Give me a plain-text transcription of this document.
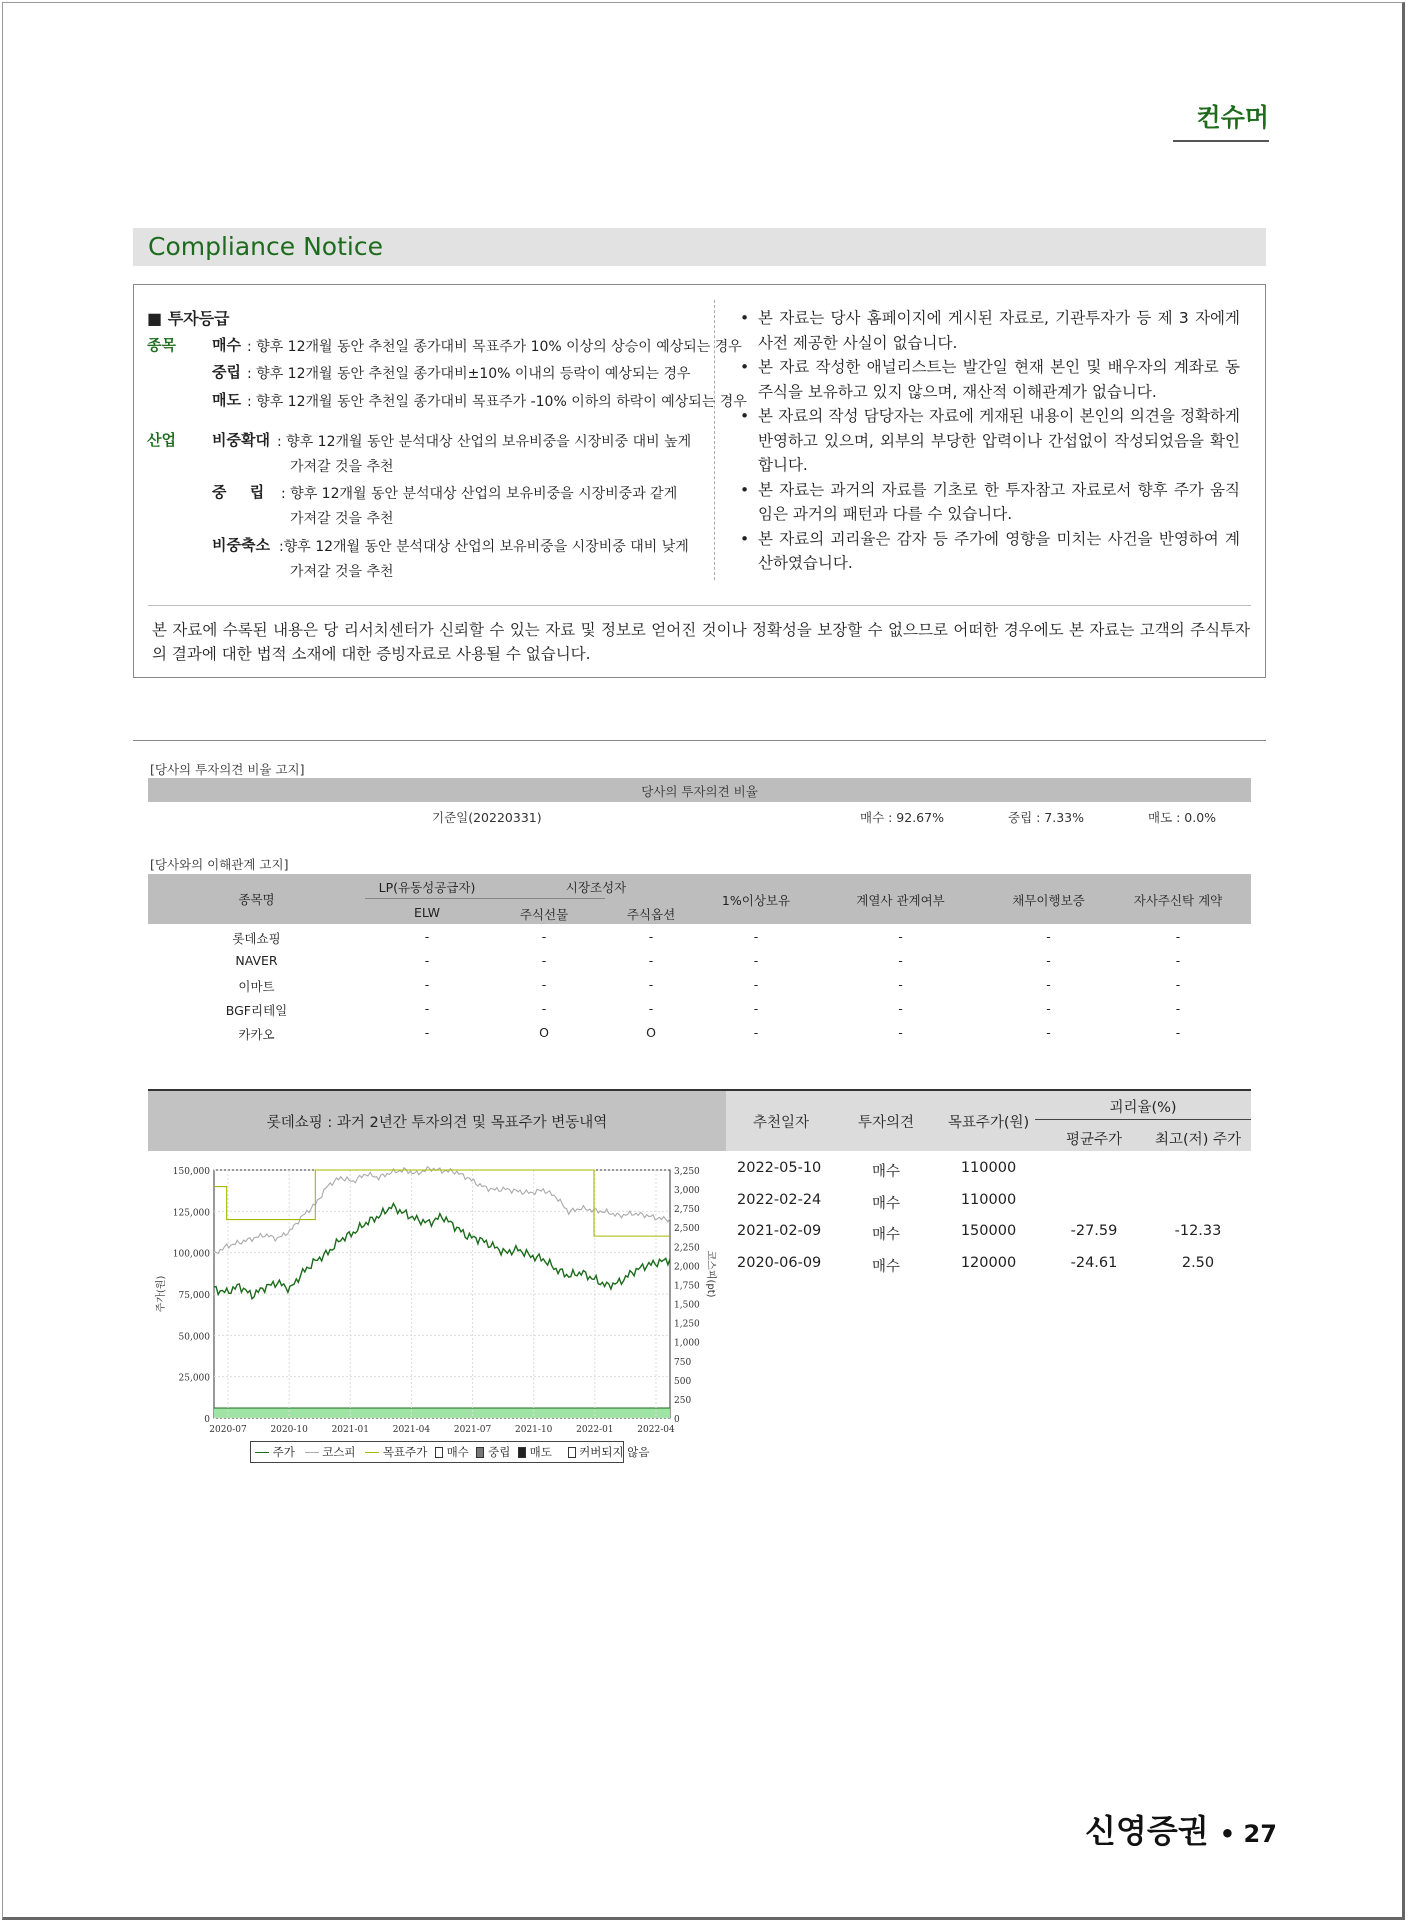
컨슈머
Compliance Notice
■ 투자등급
종목 매수 : 향후 12개월 동안 추천일 종가대비 목표주가 10% 이상의 상승이 예상되는 경우
중립 : 향후 12개월 동안 추천일 종가대비±10% 이내의 등락이 예상되는 경우
매도 : 향후 12개월 동안 추천일 종가대비 목표주가 -10% 이하의 하락이 예상되는 경우
산업 비중확대 : 향후 12개월 동안 분석대상 산업의 보유비중을 시장비중 대비 높게
가져갈 것을 추천
중 립 : 향후 12개월 동안 분석대상 산업의 보유비중을 시장비중과 같게
가져갈 것을 추천
비중축소 :향후 12개월 동안 분석대상 산업의 보유비중을 시장비중 대비 낮게
가져갈 것을 추천
• 본 자료는 당사 홈페이지에 게시된 자료로, 기관투자가 등 제 3 자에게 사전 제공한 사실이 없습니다.
• 본 자료 작성한 애널리스트는 발간일 현재 본인 및 배우자의 계좌로 동 주식을 보유하고 있지 않으며, 재산적 이해관계가 없습니다.
• 본 자료의 작성 담당자는 자료에 게재된 내용이 본인의 의견을 정확하게 반영하고 있으며, 외부의 부당한 압력이나 간섭없이 작성되었음을 확인합니다.
• 본 자료는 과거의 자료를 기초로 한 투자참고 자료로서 향후 주가 움직임은 과거의 패턴과 다를 수 있습니다.
• 본 자료의 괴리율은 감자 등 주가에 영향을 미치는 사건을 반영하여 계산하였습니다.
본 자료에 수록된 내용은 당 리서치센터가 신뢰할 수 있는 자료 및 정보로 얻어진 것이나 정확성을 보장할 수 없으므로 어떠한 경우에도 본 자료는 고객의 주식투자의 결과에 대한 법적 소재에 대한 증빙자료로 사용될 수 없습니다.
[당사의 투자의견 비율 고지]
당사의 투자의견 비율
기준일(20220331)	매수 : 92.67%	중립 : 7.33%	매도 : 0.0%
[당사와의 이해관계 고지]
종목명
LP(유동성공급자)
ELW
시장조성자
주식선물	주식옵션
1%이상보유	계열사 관계여부	채무이행보증	자사주신탁 계약
롯데쇼핑	-	-	-	-	-	-	-
NAVER	-	-	-	-	-	-	-
이마트	-	-	-	-	-	-	-
BGF리테일	-	-	-	-	-	-	-
카카오	-	O	O	-	-	-	-
롯데쇼핑 : 과거 2년간 투자의견 및 목표주가 변동내역	추천일자	투자의견	목표주가(원)
괴리율(%)
평균주가	최고(저) 주가
2022-05-10	매수	110000
2022-02-24	매수	110000
2021-02-09	매수	150000	-27.59	-12.33
2020-06-09	매수	120000	-24.61	2.50
150,000
125,000
100,000
75,000
50,000
25,000
0
3,250
3,000
2,750
2,500
2,250
2,000
1,750
1,500
1,250
1,000
750
500
250
0
2020-07	2020-10	2021-01	2021-04	2021-07	2021-10	2022-01	2022-04
주가(원)	코스피(pt)
주가 코스피 목표주가 매수 중립 매도 커버되지 않음
신영증권 • 27
